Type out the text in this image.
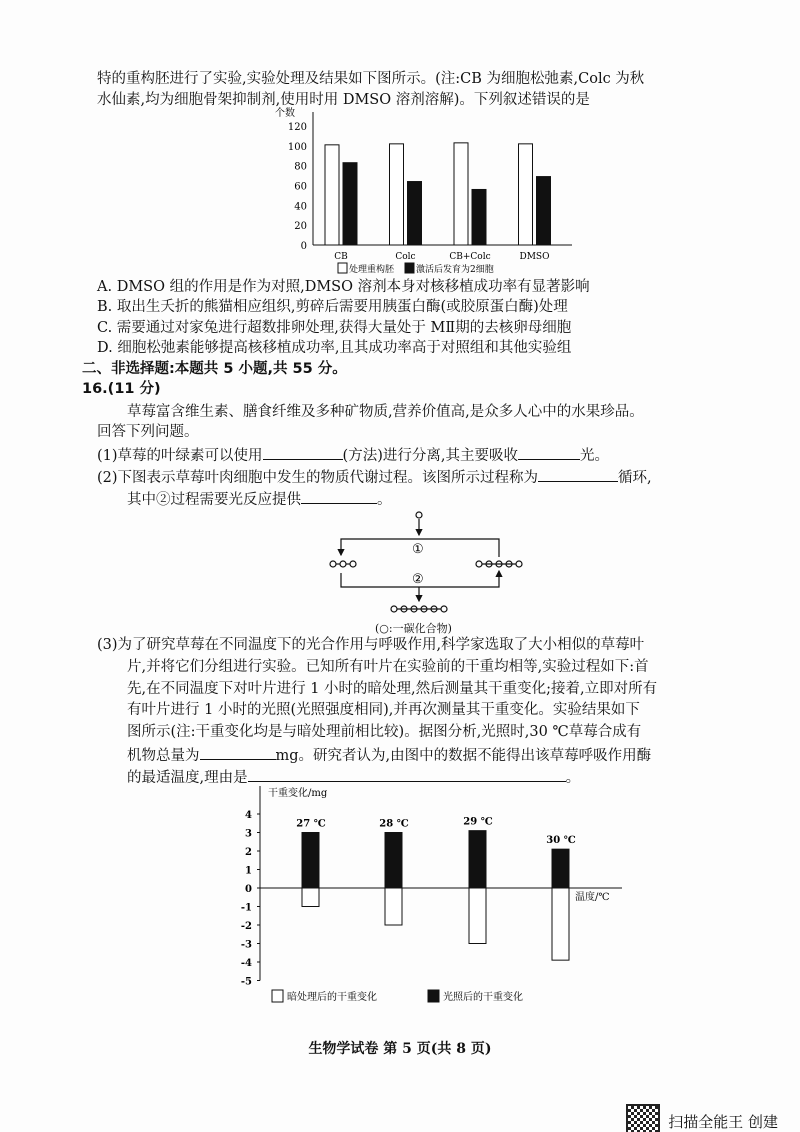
特的重构胚进行了实验,实验处理及结果如下图所示。(注:CB 为细胞松弛素,Colc 为秋
水仙素,均为细胞骨架抑制剂,使用时用 DMSO 溶剂溶解)。下列叙述错误的是
个数
0
20
40
60
80
100
120
CB	Colc	CB+Colc	DMSO
处理重构胚 激活后发育为2细胞
A. DMSO 组的作用是作为对照,DMSO 溶剂本身对核移植成功率有显著影响
B. 取出生夭折的熊猫相应组织,剪碎后需要用胰蛋白酶(或胶原蛋白酶)处理
C. 需要通过对家兔进行超数排卵处理,获得大量处于 MⅡ期的去核卵母细胞
D. 细胞松弛素能够提高核移植成功率,且其成功率高于对照组和其他实验组
二、非选择题:本题共 5 小题,共 55 分。
16.(11 分)
草莓富含维生素、膳食纤维及多种矿物质,营养价值高,是众多人心中的水果珍品。
回答下列问题。
(1)草莓的叶绿素可以使用	(方法)进行分离,其主要吸收	光。
(2)下图表示草莓叶肉细胞中发生的物质代谢过程。该图所示过程称为	循环,
其中②过程需要光反应提供	。
①
②
(○:一碳化合物)
(3)为了研究草莓在不同温度下的光合作用与呼吸作用,科学家选取了大小相似的草莓叶
片,并将它们分组进行实验。已知所有叶片在实验前的干重均相等,实验过程如下:首
先,在不同温度下对叶片进行 1 小时的暗处理,然后测量其干重变化;接着,立即对所有
有叶片进行 1 小时的光照(光照强度相同),并再次测量其干重变化。实验结果如下
图所示(注:干重变化均是与暗处理前相比较)。据图分析,光照时,30 ℃草莓合成有
机物总量为	mg。研究者认为,由图中的数据不能得出该草莓呼吸作用酶
的最适温度,理由是	。
干重变化/mg
温度/℃
4
3
2
1
0
-1
-2
-3
-4
-5
27 ℃	28 ℃	29 ℃
30 ℃
暗处理后的干重变化	光照后的干重变化
生物学试卷 第 5 页(共 8 页)
扫描全能王 创建
